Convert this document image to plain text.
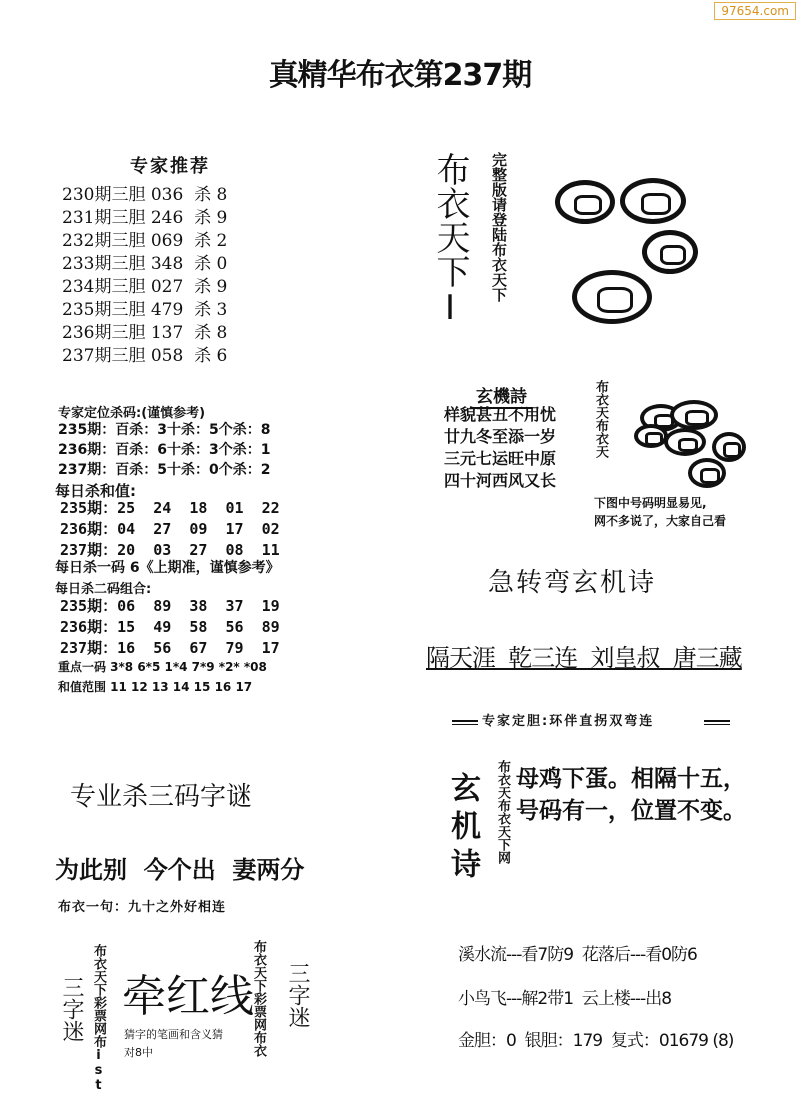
97654.com
真精华布衣第237期
专家推荐
230期三胆 036  杀 8
231期三胆 246  杀 9
232期三胆 069  杀 2
233期三胆 348  杀 0
234期三胆 027  杀 9
235期三胆 479  杀 3
236期三胆 137  杀 8
237期三胆 058  杀 6
专家定位杀码:(谨慎参考)
235期：百杀：3十杀：5个杀：8
236期：百杀：6十杀：3个杀：1
237期：百杀：5十杀：0个杀：2
每日杀和值:
235期：25  24  18  01  22
236期：04  27  09  17  02
237期：20  03  27  08  11
每日杀一码 6《上期准，谨慎参考》
每日杀二码组合:
235期：06  89  38  37  19
236期：15  49  58  56  89
237期：16  56  67  79  17
重点一码 3*8 6*5 1*4 7*9 *2* *08
和值范围 11 12 13 14 15 16 17
专业杀三码字谜
为此别  今个出  妻两分
布衣一句：九十之外好相连
布衣天下彩票网布ist
三字迷 牵红线
猜字的笔画和含义猜
对8中	布衣天下彩票网布衣 三字迷
布衣天下I 完整版请登陆布衣天下
玄機詩
样貌甚丑不用忧
廿九冬至添一岁
三元七运旺中原
四十河西风又长
布衣天布衣天
下图中号码明显易见,
网不多说了，大家自己看
急转弯玄机诗
隔天涯  乾三连  刘皇叔  唐三藏
专家定胆:环伴直拐双弯连
玄机诗 布衣天布衣天下网 母鸡下蛋。相隔十五，
号码有一，位置不变。
溪水流---看7防9  花落后---看0防6
小鸟飞---解2带1  云上楼---出8
金胆：0  银胆：179  复式：01679 (8)
